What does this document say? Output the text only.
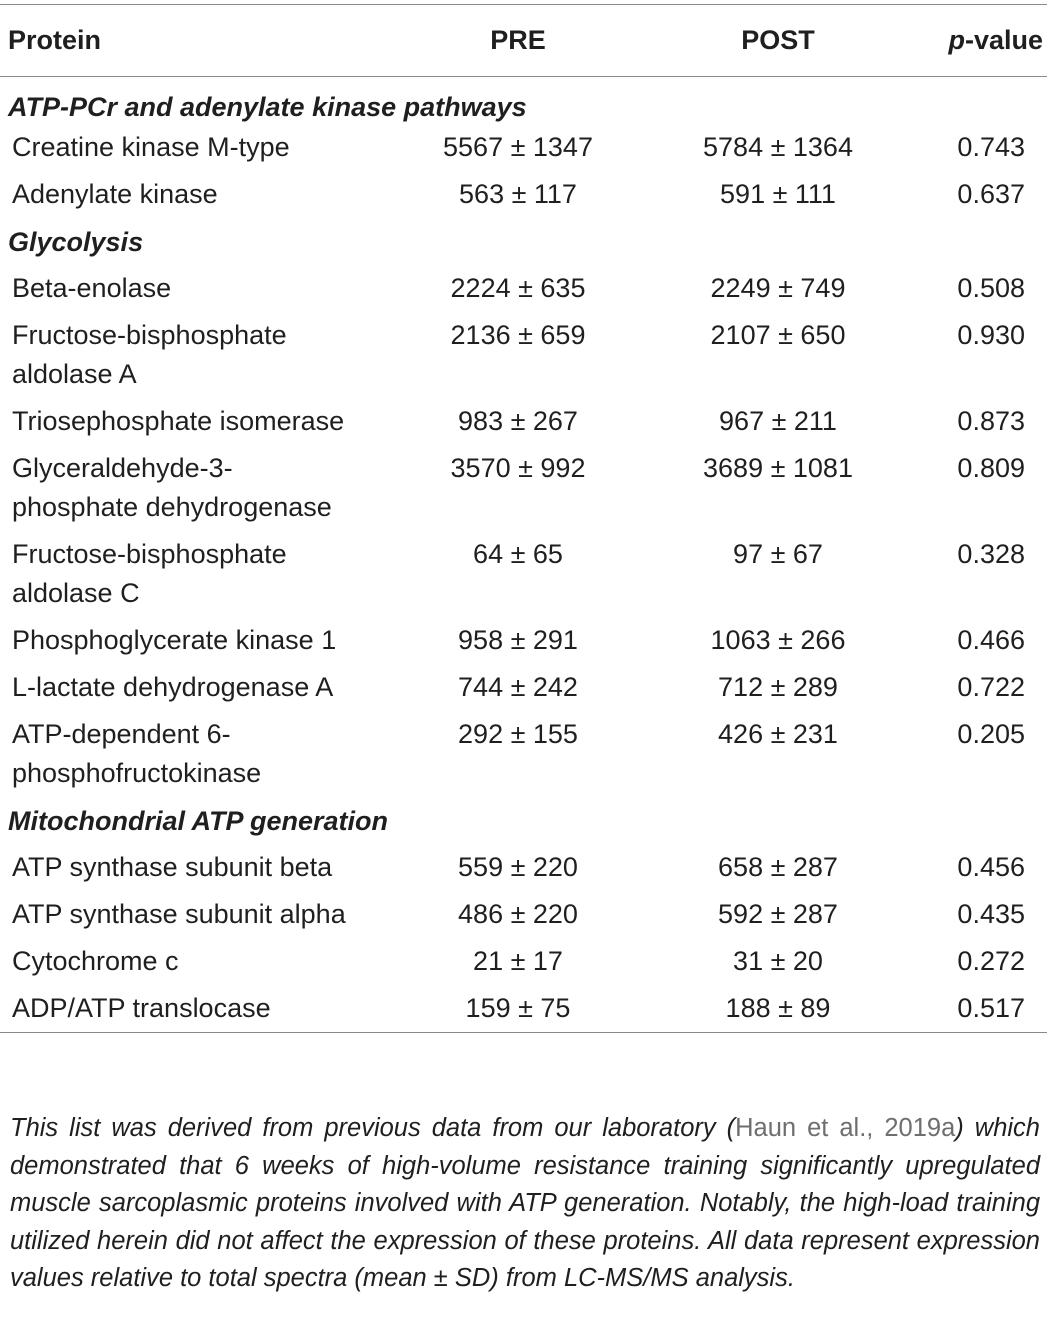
Protein	PRE	POST	p-value
ATP-PCr and adenylate kinase pathways			
Creatine kinase M-type	5567 ± 1347	5784 ± 1364	0.743
Adenylate kinase	563 ± 117	591 ± 111	0.637
Glycolysis			
Beta-enolase	2224 ± 635	2249 ± 749	0.508
Fructose-bisphosphate aldolase A	2136 ± 659	2107 ± 650	0.930
Triosephosphate isomerase	983 ± 267	967 ± 211	0.873
Glyceraldehyde-3-phosphate dehydrogenase	3570 ± 992	3689 ± 1081	0.809
Fructose-bisphosphate aldolase C	64 ± 65	97 ± 67	0.328
Phosphoglycerate kinase 1	958 ± 291	1063 ± 266	0.466
L-lactate dehydrogenase A	744 ± 242	712 ± 289	0.722
ATP-dependent 6-phosphofructokinase	292 ± 155	426 ± 231	0.205
Mitochondrial ATP generation			
ATP synthase subunit beta	559 ± 220	658 ± 287	0.456
ATP synthase subunit alpha	486 ± 220	592 ± 287	0.435
Cytochrome c	21 ± 17	31 ± 20	0.272
ADP/ATP translocase	159 ± 75	188 ± 89	0.517
This list was derived from previous data from our laboratory (Haun et al., 2019a) which demonstrated that 6 weeks of high-volume resistance training significantly upregulated muscle sarcoplasmic proteins involved with ATP generation. Notably, the high-load training utilized herein did not affect the expression of these proteins. All data represent expression values relative to total spectra (mean ± SD) from LC-MS/MS analysis.
